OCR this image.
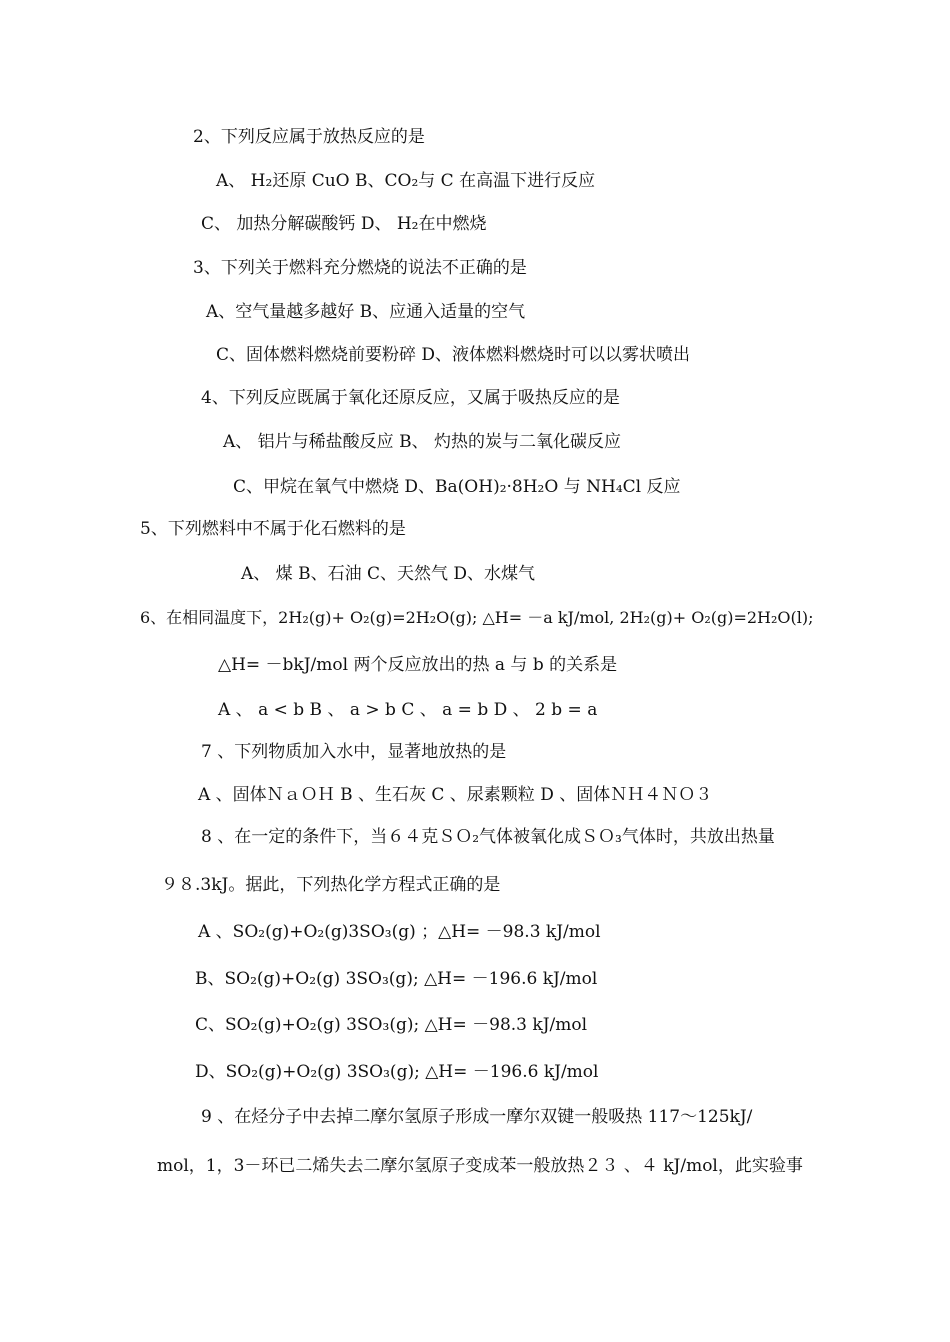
2、下列反应属于放热反应的是
A、 H₂还原 CuO B、CO₂与 C 在高温下进行反应
C、 加热分解碳酸钙 D、 H₂在中燃烧
3、下列关于燃料充分燃烧的说法不正确的是
A、空气量越多越好 B、应通入适量的空气
C、固体燃料燃烧前要粉碎 D、液体燃料燃烧时可以以雾状喷出
4、下列反应既属于氧化还原反应，又属于吸热反应的是
A、 铝片与稀盐酸反应 B、 灼热的炭与二氧化碳反应
C、甲烷在氧气中燃烧 D、Ba(OH)₂·8H₂O 与 NH₄Cl 反应
5、下列燃料中不属于化石燃料的是
A、 煤 B、石油 C、天然气 D、水煤气
6、在相同温度下，2H₂(g)+ O₂(g)=2H₂O(g); △H= －a kJ/mol, 2H₂(g)+ O₂(g)=2H₂O(l);
△H= －bkJ/mol 两个反应放出的热 a 与 b 的关系是
A 、 a < b B 、 a > b C 、 a = b D 、 2 b = a
7 、下列物质加入水中，显著地放热的是
A 、固体ＮａＯＨ B 、生石灰 C 、尿素颗粒 D 、固体ＮＨ４ＮＯ３
8 、在一定的条件下，当６４克ＳＯ₂气体被氧化成ＳＯ₃气体时，共放出热量
９８.3kJ。据此，下列热化学方程式正确的是
A 、SO₂(g)+O₂(g)3SO₃(g) ；△H= －98.3 kJ/mol
B、SO₂(g)+O₂(g) 3SO₃(g); △H= －196.6 kJ/mol
C、SO₂(g)+O₂(g) 3SO₃(g); △H= －98.3 kJ/mol
D、SO₂(g)+O₂(g) 3SO₃(g); △H= －196.6 kJ/mol
9 、在烃分子中去掉二摩尔氢原子形成一摩尔双键一般吸热 117～125kJ/
mol，1，3－环已二烯失去二摩尔氢原子变成苯一般放热２３ 、４ kJ/mol，此实验事
